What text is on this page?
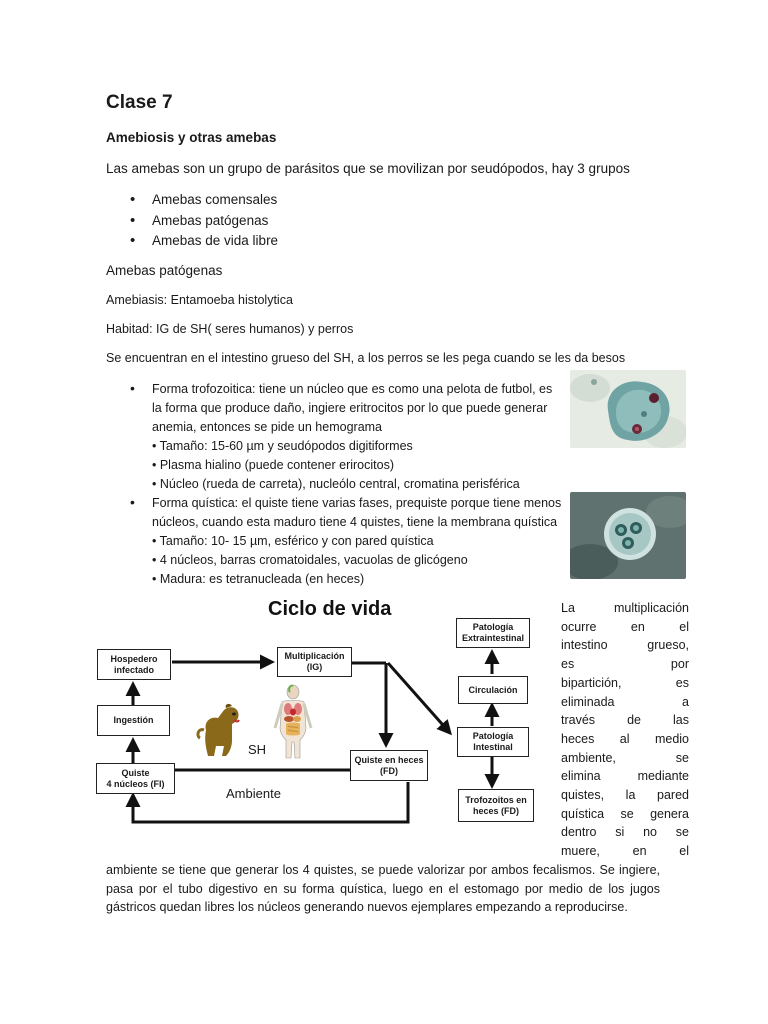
Clase 7
Amebiosis y otras amebas
Las amebas son un grupo de parásitos que se movilizan por seudópodos, hay 3 grupos
• Amebas comensales
• Amebas patógenas
• Amebas de vida libre
Amebas patógenas
Amebiasis: Entamoeba histolytica
Habitad: IG de SH( seres humanos) y perros
Se encuentran en el intestino grueso del SH, a los perros se les pega cuando se les da besos
• Forma trofozoitica: tiene un núcleo que es como una pelota de futbol, es
la forma que produce daño, ingiere eritrocitos por lo que puede generar
anemia, entonces se pide un hemograma
• Tamaño: 15-60 µm y seudópodos digitiformes
• Plasma hialino (puede contener erirocitos)
• Núcleo (rueda de carreta), nucleólo central, cromatina perisférica
• Forma quística: el quiste tiene varias fases, prequiste porque tiene menos
núcleos, cuando esta maduro tiene 4 quistes, tiene la membrana quística
• Tamaño: 10- 15 µm, esférico y con pared quística
• 4 núcleos, barras cromatoidales, vacuolas de glicógeno
• Madura: es tetranucleada (en heces)
Ciclo de vida
Hospedero
infectado
Multiplicación
(IG)
Ingestión
Quiste
4 núcleos (FI)
Quiste en heces
(FD)
Patología
Extraintestinal
Circulación
Patología
Intestinal
Trofozoitos en
heces (FD)
SH
Ambiente
La multiplicación
ocurre en el
intestino grueso,
es por
bipartición, es
eliminada a
través de las
heces al medio
ambiente, se
elimina mediante
quistes, la pared
quística se genera
dentro si no se
muere, en el
ambiente se tiene que generar los 4 quistes, se puede valorizar por ambos fecalismos. Se ingiere,
pasa por el tubo digestivo en su forma quística, luego en el estomago por medio de los jugos
gástricos quedan libres los núcleos generando nuevos ejemplares empezando a reproducirse.
